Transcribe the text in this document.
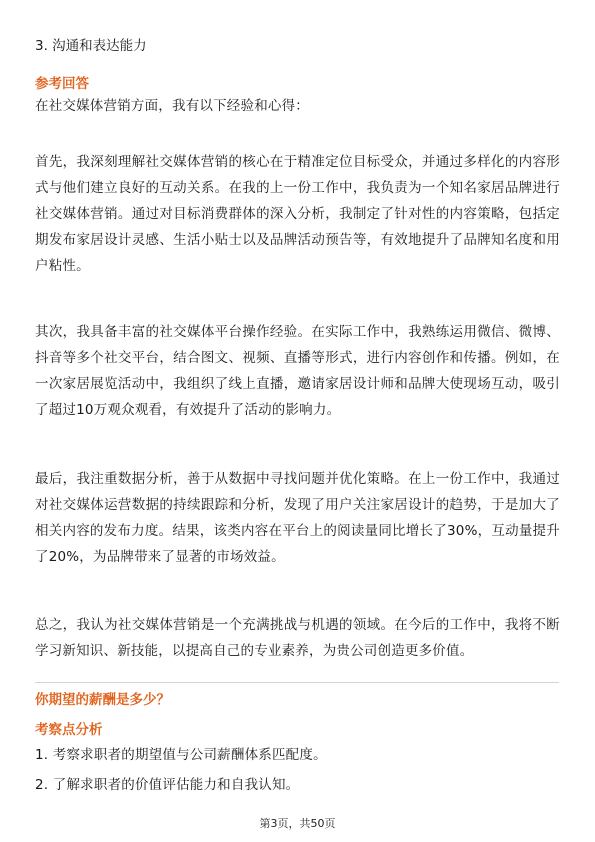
3. 沟通和表达能力

参考回答

在社交媒体营销方面，我有以下经验和心得：

首先，我深刻理解社交媒体营销的核心在于精准定位目标受众，并通过多样化的内容形式与他们建立良好的互动关系。在我的上一份工作中，我负责为一个知名家居品牌进行社交媒体营销。通过对目标消费群体的深入分析，我制定了针对性的内容策略，包括定期发布家居设计灵感、生活小贴士以及品牌活动预告等，有效地提升了品牌知名度和用户粘性。

其次，我具备丰富的社交媒体平台操作经验。在实际工作中，我熟练运用微信、微博、抖音等多个社交平台，结合图文、视频、直播等形式，进行内容创作和传播。例如，在一次家居展览活动中，我组织了线上直播，邀请家居设计师和品牌大使现场互动，吸引了超过10万观众观看，有效提升了活动的影响力。

最后，我注重数据分析，善于从数据中寻找问题并优化策略。在上一份工作中，我通过对社交媒体运营数据的持续跟踪和分析，发现了用户关注家居设计的趋势，于是加大了相关内容的发布力度。结果，该类内容在平台上的阅读量同比增长了30%，互动量提升了20%，为品牌带来了显著的市场效益。

总之，我认为社交媒体营销是一个充满挑战与机遇的领域。在今后的工作中，我将不断学习新知识、新技能，以提高自己的专业素养，为贵公司创造更多价值。

你期望的薪酬是多少？

考察点分析

1. 考察求职者的期望值与公司薪酬体系匹配度。

2. 了解求职者的价值评估能力和自我认知。

第3页，共50页
